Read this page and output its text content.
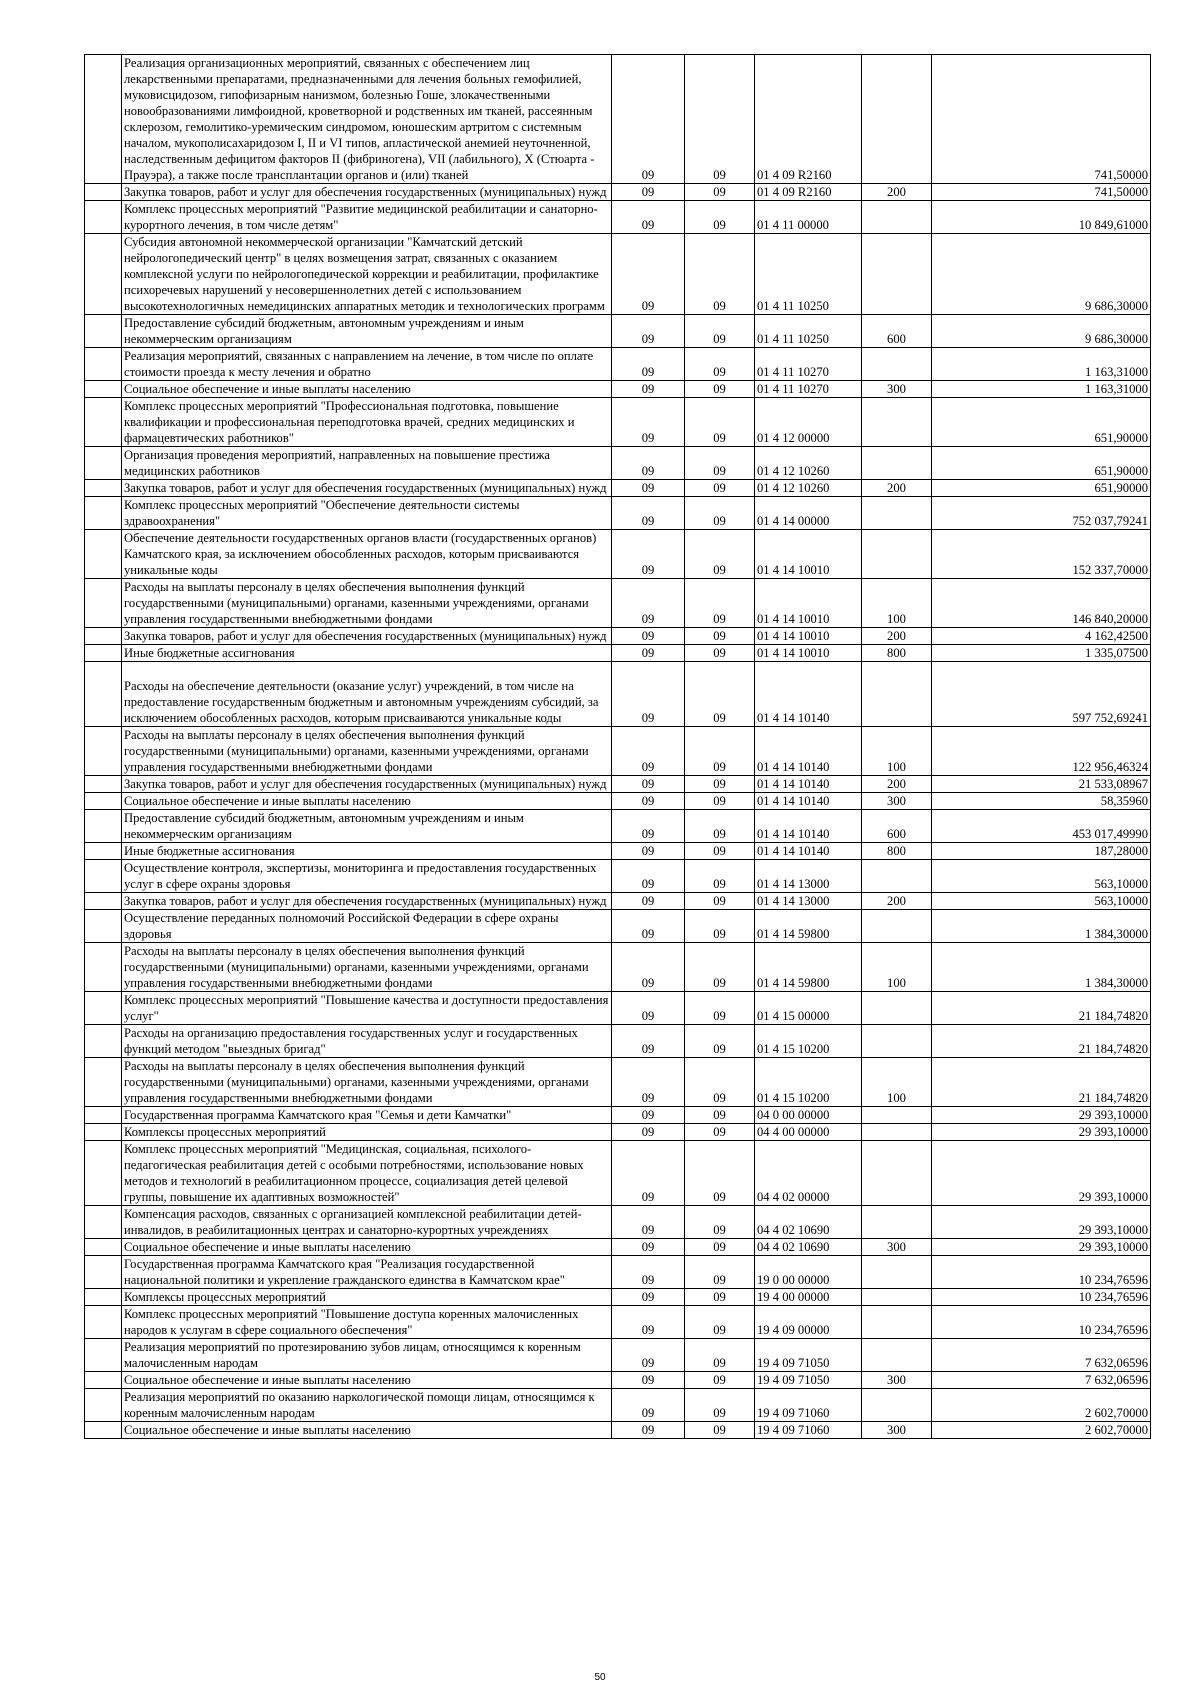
	Реализация организационных мероприятий, связанных с обеспечением лиц лекарственными препаратами, предназначенными для лечения больных гемофилией, муковисцидозом, гипофизарным нанизмом, болезнью Гоше, злокачественными новообразованиями лимфоидной, кроветворной и родственных им тканей, рассеянным склерозом, гемолитико-уремическим синдромом, юношеским артритом с системным началом, мукополисахаридозом I, II и VI типов, апластической анемией неуточненной, наследственным дефицитом факторов II (фибриногена), VII (лабильного), X (Стюарта - Прауэра), а также после трансплантации органов и (или) тканей	09	09	01 4 09 R2160		741,50000
	Закупка товаров, работ и услуг для обеспечения государственных (муниципальных) нужд	09	09	01 4 09 R2160	200	741,50000
	Комплекс процессных мероприятий "Развитие медицинской реабилитации и санаторно-курортного лечения, в том числе детям"	09	09	01 4 11 00000		10 849,61000
	Субсидия автономной некоммерческой организации "Камчатский детский нейрологопедический центр" в целях возмещения затрат, связанных с оказанием комплексной услуги по нейрологопедической коррекции и реабилитации, профилактике психоречевых нарушений у несовершеннолетних детей с использованием высокотехнологичных немедицинских аппаратных методик и технологических программ	09	09	01 4 11 10250		9 686,30000
	Предоставление субсидий бюджетным, автономным учреждениям и иным некоммерческим организациям	09	09	01 4 11 10250	600	9 686,30000
	Реализация мероприятий, связанных с направлением на лечение, в том числе по оплате стоимости проезда к месту лечения и обратно	09	09	01 4 11 10270		1 163,31000
	Социальное обеспечение и иные выплаты населению	09	09	01 4 11 10270	300	1 163,31000
	Комплекс процессных мероприятий "Профессиональная подготовка, повышение квалификации и профессиональная переподготовка врачей, средних медицинских и фармацевтических работников"	09	09	01 4 12 00000		651,90000
	Организация проведения мероприятий, направленных на повышение престижа медицинских работников	09	09	01 4 12 10260		651,90000
	Закупка товаров, работ и услуг для обеспечения государственных (муниципальных) нужд	09	09	01 4 12 10260	200	651,90000
	Комплекс процессных мероприятий "Обеспечение деятельности системы здравоохранения"	09	09	01 4 14 00000		752 037,79241
	Обеспечение деятельности государственных органов власти (государственных органов) Камчатского края, за исключением обособленных расходов, которым присваиваются уникальные коды	09	09	01 4 14 10010		152 337,70000
	Расходы на выплаты персоналу в целях обеспечения выполнения функций государственными (муниципальными) органами, казенными учреждениями, органами управления государственными внебюджетными фондами	09	09	01 4 14 10010	100	146 840,20000
	Закупка товаров, работ и услуг для обеспечения государственных (муниципальных) нужд	09	09	01 4 14 10010	200	4 162,42500
	Иные бюджетные ассигнования	09	09	01 4 14 10010	800	1 335,07500
	Расходы на обеспечение деятельности (оказание услуг) учреждений, в том числе на предоставление государственным бюджетным и автономным учреждениям субсидий, за исключением обособленных расходов, которым присваиваются уникальные коды	09	09	01 4 14 10140		597 752,69241
	Расходы на выплаты персоналу в целях обеспечения выполнения функций государственными (муниципальными) органами, казенными учреждениями, органами управления государственными внебюджетными фондами	09	09	01 4 14 10140	100	122 956,46324
	Закупка товаров, работ и услуг для обеспечения государственных (муниципальных) нужд	09	09	01 4 14 10140	200	21 533,08967
	Социальное обеспечение и иные выплаты населению	09	09	01 4 14 10140	300	58,35960
	Предоставление субсидий бюджетным, автономным учреждениям и иным некоммерческим организациям	09	09	01 4 14 10140	600	453 017,49990
	Иные бюджетные ассигнования	09	09	01 4 14 10140	800	187,28000
	Осуществление контроля, экспертизы, мониторинга и предоставления государственных услуг в сфере охраны здоровья	09	09	01 4 14 13000		563,10000
	Закупка товаров, работ и услуг для обеспечения государственных (муниципальных) нужд	09	09	01 4 14 13000	200	563,10000
	Осуществление переданных полномочий Российской Федерации в сфере охраны здоровья	09	09	01 4 14 59800		1 384,30000
	Расходы на выплаты персоналу в целях обеспечения выполнения функций государственными (муниципальными) органами, казенными учреждениями, органами управления государственными внебюджетными фондами	09	09	01 4 14 59800	100	1 384,30000
	Комплекс процессных мероприятий "Повышение качества и доступности предоставления услуг"	09	09	01 4 15 00000		21 184,74820
	Расходы на организацию предоставления государственных услуг и государственных функций методом "выездных бригад"	09	09	01 4 15 10200		21 184,74820
	Расходы на выплаты персоналу в целях обеспечения выполнения функций государственными (муниципальными) органами, казенными учреждениями, органами управления государственными внебюджетными фондами	09	09	01 4 15 10200	100	21 184,74820
	Государственная программа Камчатского края "Семья и дети Камчатки"	09	09	04 0 00 00000		29 393,10000
	Комплексы процессных мероприятий	09	09	04 4 00 00000		29 393,10000
	Комплекс процессных мероприятий "Медицинская, социальная, психолого-педагогическая реабилитация детей с особыми потребностями, использование новых методов и технологий в реабилитационном процессе, социализация детей целевой группы, повышение их адаптивных возможностей"	09	09	04 4 02 00000		29 393,10000
	Компенсация расходов, связанных с организацией комплексной реабилитации детей-инвалидов, в реабилитационных центрах и санаторно-курортных учреждениях	09	09	04 4 02 10690		29 393,10000
	Социальное обеспечение и иные выплаты населению	09	09	04 4 02 10690	300	29 393,10000
	Государственная программа Камчатского края "Реализация государственной национальной политики и укрепление гражданского единства в Камчатском крае"	09	09	19 0 00 00000		10 234,76596
	Комплексы процессных мероприятий	09	09	19 4 00 00000		10 234,76596
	Комплекс процессных мероприятий "Повышение доступа коренных малочисленных народов к услугам в сфере социального обеспечения"	09	09	19 4 09 00000		10 234,76596
	Реализация мероприятий по протезированию зубов лицам, относящимся к коренным малочисленным народам	09	09	19 4 09 71050		7 632,06596
	Социальное обеспечение и иные выплаты населению	09	09	19 4 09 71050	300	7 632,06596
	Реализация мероприятий по оказанию наркологической помощи лицам, относящимся к коренным малочисленным народам	09	09	19 4 09 71060		2 602,70000
	Социальное обеспечение и иные выплаты населению	09	09	19 4 09 71060	300	2 602,70000
50
